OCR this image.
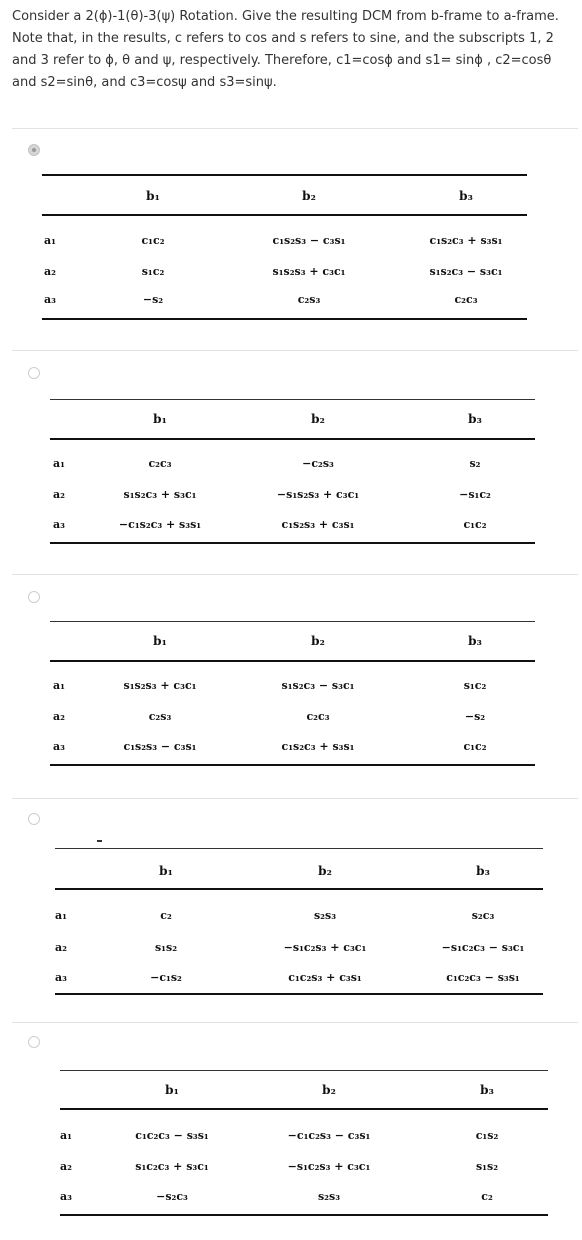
Consider a 2(ϕ)-1(θ)-3(ψ) Rotation. Give the resulting DCM from b-frame to a-frame. Note that, in the results, c refers to cos and s refers to sine, and the subscripts 1, 2 and 3 refer to ϕ, θ and ψ, respectively. Therefore, c1=cosϕ and s1= sinϕ , c2=cosθ and s2=sinθ, and c3=cosψ and s3=sinψ.
b₁	b₂	b₃
a₁	c₁c₂	c₁s₂s₃ − c₃s₁	c₁s₂c₃ + s₃s₁
a₂	s₁c₂	s₁s₂s₃ + c₃c₁	s₁s₂c₃ − s₃c₁
a₃	−s₂	c₂s₃	c₂c₃
b₁	b₂	b₃
a₁	c₂c₃	−c₂s₃	s₂
a₂	s₁s₂c₃ + s₃c₁	−s₁s₂s₃ + c₃c₁	−s₁c₂
a₃	−c₁s₂c₃ + s₃s₁	c₁s₂s₃ + c₃s₁	c₁c₂
b₁	b₂	b₃
a₁	s₁s₂s₃ + c₃c₁	s₁s₂c₃ − s₃c₁	s₁c₂
a₂	c₂s₃	c₂c₃	−s₂
a₃	c₁s₂s₃ − c₃s₁	c₁s₂c₃ + s₃s₁	c₁c₂
b₁	b₂	b₃
a₁	c₂	s₂s₃	s₂c₃
a₂	s₁s₂	−s₁c₂s₃ + c₃c₁	−s₁c₂c₃ − s₃c₁
a₃	−c₁s₂	c₁c₂s₃ + c₃s₁	c₁c₂c₃ − s₃s₁
b₁	b₂	b₃
a₁	c₁c₂c₃ − s₃s₁	−c₁c₂s₃ − c₃s₁	c₁s₂
a₂	s₁c₂c₃ + s₃c₁	−s₁c₂s₃ + c₃c₁	s₁s₂
a₃	−s₂c₃	s₂s₃	c₂
